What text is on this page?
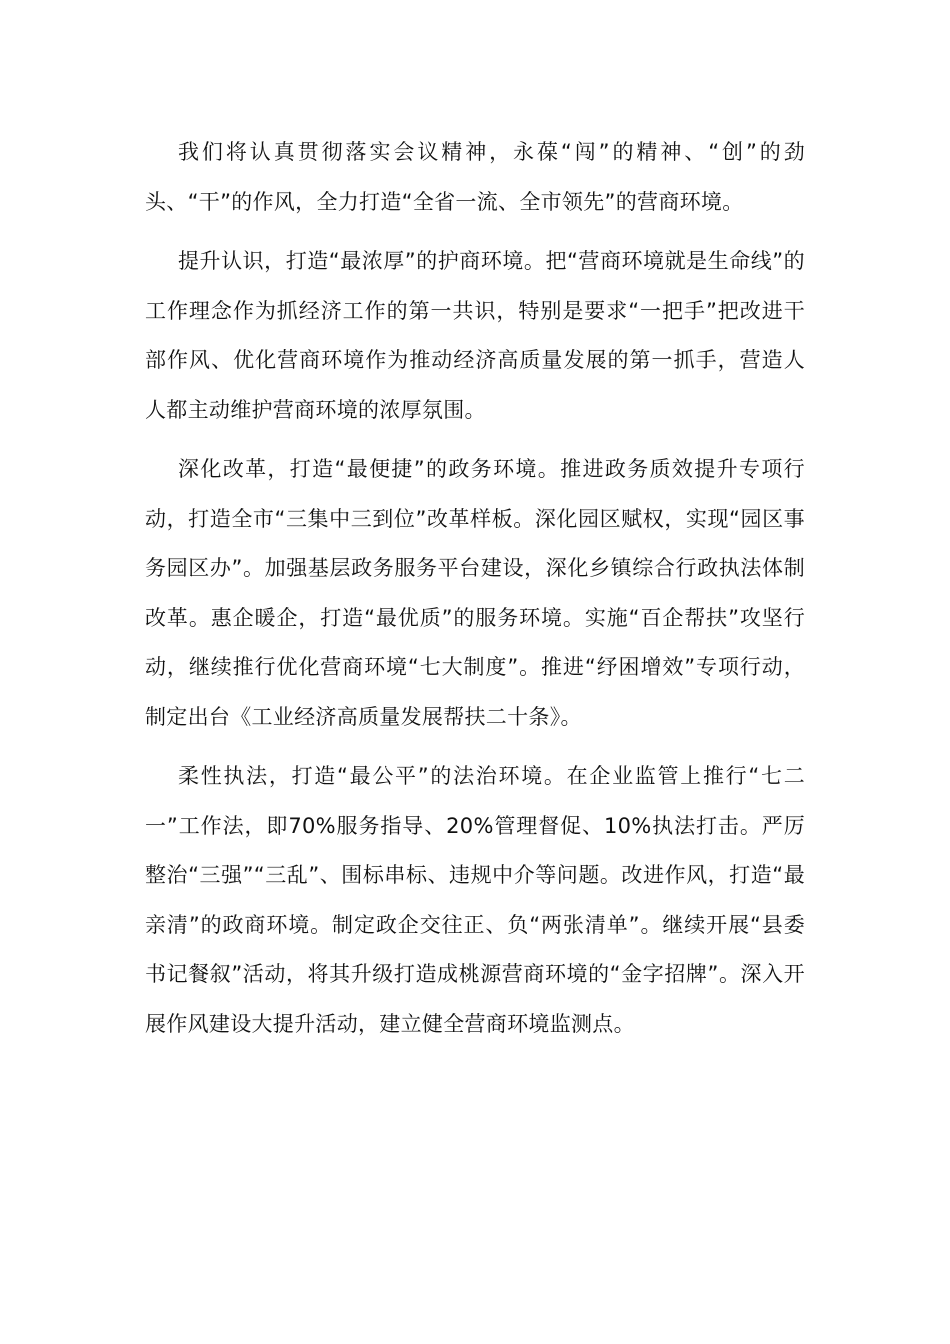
我们将认真贯彻落实会议精神，永葆“闯”的精神、“创”的劲头、“干”的作风，全力打造“全省一流、全市领先”的营商环境。

提升认识，打造“最浓厚”的护商环境。把“营商环境就是生命线”的工作理念作为抓经济工作的第一共识，特别是要求“一把手”把改进干部作风、优化营商环境作为推动经济高质量发展的第一抓手，营造人人都主动维护营商环境的浓厚氛围。

深化改革，打造“最便捷”的政务环境。推进政务质效提升专项行动，打造全市“三集中三到位”改革样板。深化园区赋权，实现“园区事务园区办”。加强基层政务服务平台建设，深化乡镇综合行政执法体制改革。惠企暖企，打造“最优质”的服务环境。实施“百企帮扶”攻坚行动，继续推行优化营商环境“七大制度”。推进“纾困增效”专项行动，制定出台《工业经济高质量发展帮扶二十条》。

柔性执法，打造“最公平”的法治环境。在企业监管上推行“七二一”工作法，即70%服务指导、20%管理督促、10%执法打击。严厉整治“三强”“三乱”、围标串标、违规中介等问题。改进作风，打造“最亲清”的政商环境。制定政企交往正、负“两张清单”。继续开展“县委书记餐叙”活动，将其升级打造成桃源营商环境的“金字招牌”。深入开展作风建设大提升活动，建立健全营商环境监测点。
